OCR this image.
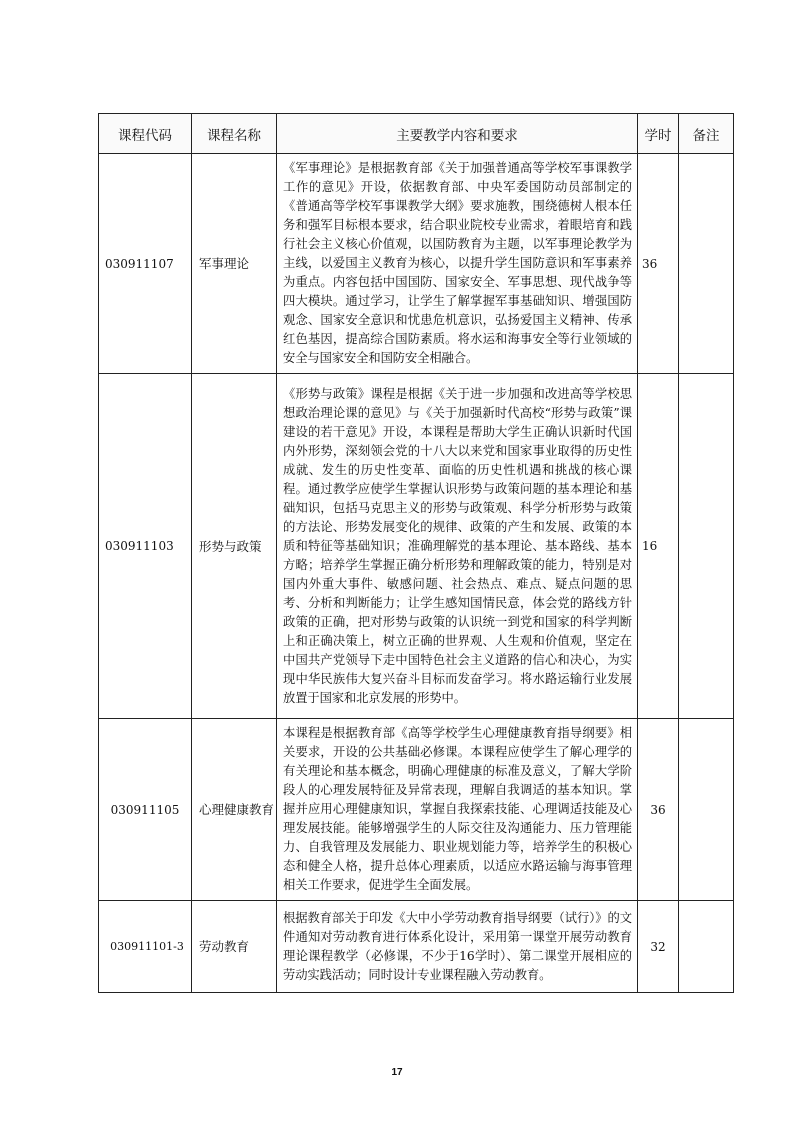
课程代码	课程名称	主要教学内容和要求	学时	备注
030911107	军事理论	《军事理论》是根据教育部《关于加强普通高等学校军事课教学工作的意见》开设，依据教育部、中央军委国防动员部制定的《普通高等学校军事课教学大纲》要求施教，围绕德树人根本任务和强军目标根本要求，结合职业院校专业需求，着眼培育和践行社会主义核心价值观，以国防教育为主题，以军事理论教学为主线，以爱国主义教育为核心，以提升学生国防意识和军事素养为重点。内容包括中国国防、国家安全、军事思想、现代战争等四大模块。通过学习，让学生了解掌握军事基础知识、增强国防观念、国家安全意识和忧患危机意识，弘扬爱国主义精神、传承红色基因，提高综合国防素质。将水运和海事安全等行业领域的安全与国家安全和国防安全相融合。	36	
030911103	形势与政策	《形势与政策》课程是根据《关于进一步加强和改进高等学校思想政治理论课的意见》与《关于加强新时代高校“形势与政策”课建设的若干意见》开设，本课程是帮助大学生正确认识新时代国内外形势，深刻领会党的十八大以来党和国家事业取得的历史性成就、发生的历史性变革、面临的历史性机遇和挑战的核心课程。通过教学应使学生掌握认识形势与政策问题的基本理论和基础知识，包括马克思主义的形势与政策观、科学分析形势与政策的方法论、形势发展变化的规律、政策的产生和发展、政策的本质和特征等基础知识；准确理解党的基本理论、基本路线、基本方略；培养学生掌握正确分析形势和理解政策的能力，特别是对国内外重大事件、敏感问题、社会热点、难点、疑点问题的思考、分析和判断能力；让学生感知国情民意，体会党的路线方针政策的正确，把对形势与政策的认识统一到党和国家的科学判断上和正确决策上，树立正确的世界观、人生观和价值观，坚定在中国共产党领导下走中国特色社会主义道路的信心和决心，为实现中华民族伟大复兴奋斗目标而发奋学习。将水路运输行业发展放置于国家和北京发展的形势中。	16	
030911105	心理健康教育	本课程是根据教育部《高等学校学生心理健康教育指导纲要》相关要求，开设的公共基础必修课。本课程应使学生了解心理学的有关理论和基本概念，明确心理健康的标准及意义，了解大学阶段人的心理发展特征及异常表现，理解自我调适的基本知识。掌握并应用心理健康知识，掌握自我探索技能、心理调适技能及心理发展技能。能够增强学生的人际交往及沟通能力、压力管理能力、自我管理及发展能力、职业规划能力等，培养学生的积极心态和健全人格，提升总体心理素质，以适应水路运输与海事管理相关工作要求，促进学生全面发展。	36	
030911101-3	劳动教育	根据教育部关于印发《大中小学劳动教育指导纲要（试行）》的文件通知对劳动教育进行体系化设计，采用第一课堂开展劳动教育理论课程教学（必修课，不少于16学时）、第二课堂开展相应的劳动实践活动；同时设计专业课程融入劳动教育。	32	
17
